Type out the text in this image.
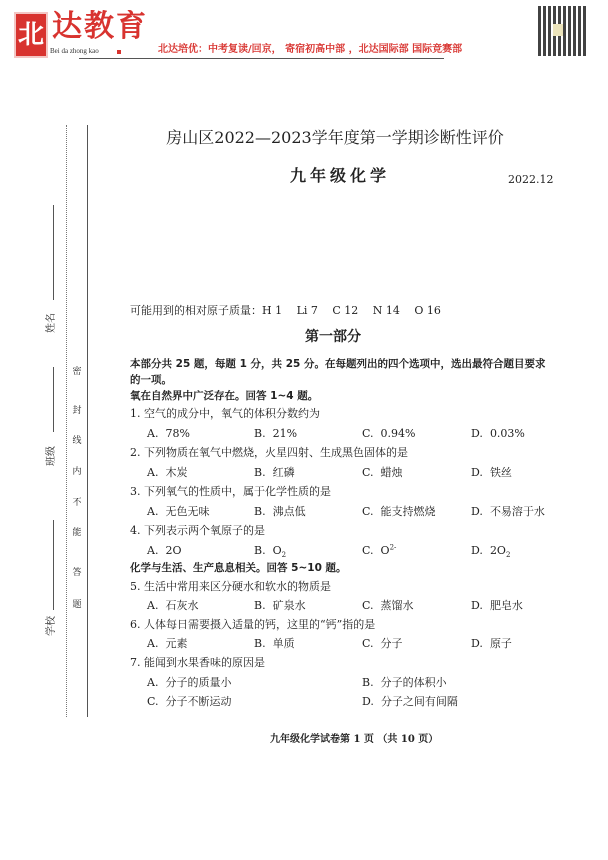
北 达教育
Bei da zhong kao	北达培优：中考复读/回京， 寄宿初高中部 ，北达国际部 国际竞赛部
房山区2022—2023学年度第一学期诊断性评价
九年级化学	2022.12
姓名
班级
学校
密
封
线
内
不
能
答
题
可能用到的相对原子质量：H 1　 Li 7　 C 12　 N 14　 O 16
第一部分
本部分共 25 题，每题 1 分，共 25 分。在每题列出的四个选项中，选出最符合题目要求
的一项。
氧在自然界中广泛存在。回答 1~4 题。
化学与生活、生产息息相关。回答 5~10 题。
1. 空气的成分中，氧气的体积分数约为
A. 78%	B. 21%	C. 0.94%	D. 0.03%
2. 下列物质在氧气中燃烧，火星四射、生成黑色固体的是
A. 木炭	B. 红磷	C. 蜡烛	D. 铁丝
3. 下列氧气的性质中，属于化学性质的是
A. 无色无味	B. 沸点低	C. 能支持燃烧	D. 不易溶于水
4. 下列表示两个氧原子的是
A. 2O	B. $O_2$	C. $O^{2-}$	D. $2O_2$
5. 生活中常用来区分硬水和软水的物质是
A. 石灰水	B. 矿泉水	C. 蒸馏水	D. 肥皂水
6. 人体每日需要摄入适量的钙，这里的“钙”指的是
A. 元素	B. 单质	C. 分子	D. 原子
7. 能闻到水果香味的原因是
A. 分子的质量小	B. 分子的体积小
C. 分子不断运动	D. 分子之间有间隔
九年级化学试卷第 1 页 （共 10 页）
